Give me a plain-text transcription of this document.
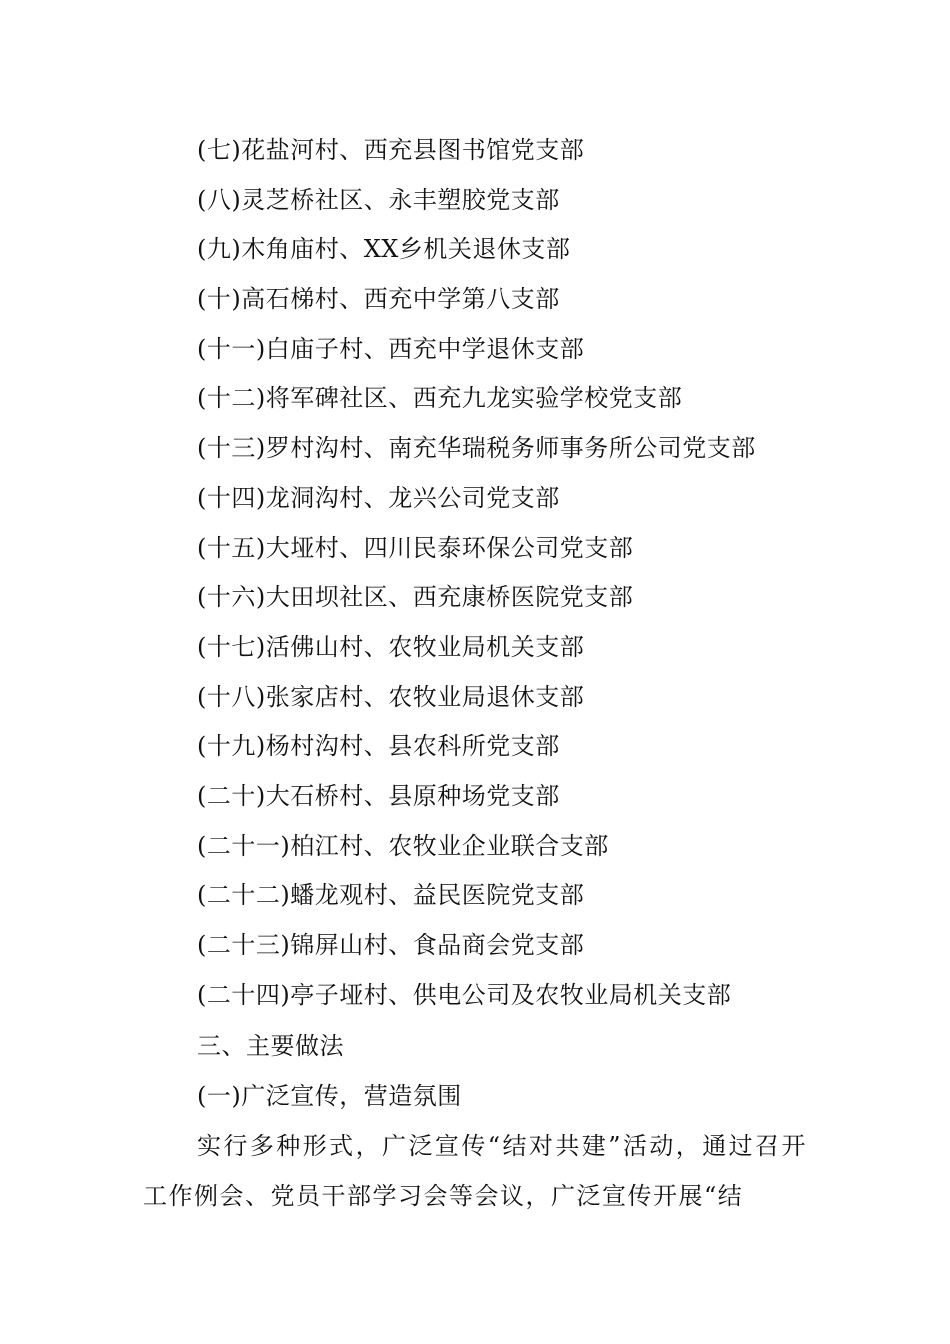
(七)花盐河村、西充县图书馆党支部
(八)灵芝桥社区、永丰塑胶党支部
(九)木角庙村、XX乡机关退休支部
(十)高石梯村、西充中学第八支部
(十一)白庙子村、西充中学退休支部
(十二)将军碑社区、西充九龙实验学校党支部
(十三)罗村沟村、南充华瑞税务师事务所公司党支部
(十四)龙洞沟村、龙兴公司党支部
(十五)大垭村、四川民泰环保公司党支部
(十六)大田坝社区、西充康桥医院党支部
(十七)活佛山村、农牧业局机关支部
(十八)张家店村、农牧业局退休支部
(十九)杨村沟村、县农科所党支部
(二十)大石桥村、县原种场党支部
(二十一)柏江村、农牧业企业联合支部
(二十二)蟠龙观村、益民医院党支部
(二十三)锦屏山村、食品商会党支部
(二十四)亭子垭村、供电公司及农牧业局机关支部
三、主要做法
(一)广泛宣传，营造氛围

实行多种形式，广泛宣传“结对共建”活动，通过召开工作例会、党员干部学习会等会议，广泛宣传开展“结
